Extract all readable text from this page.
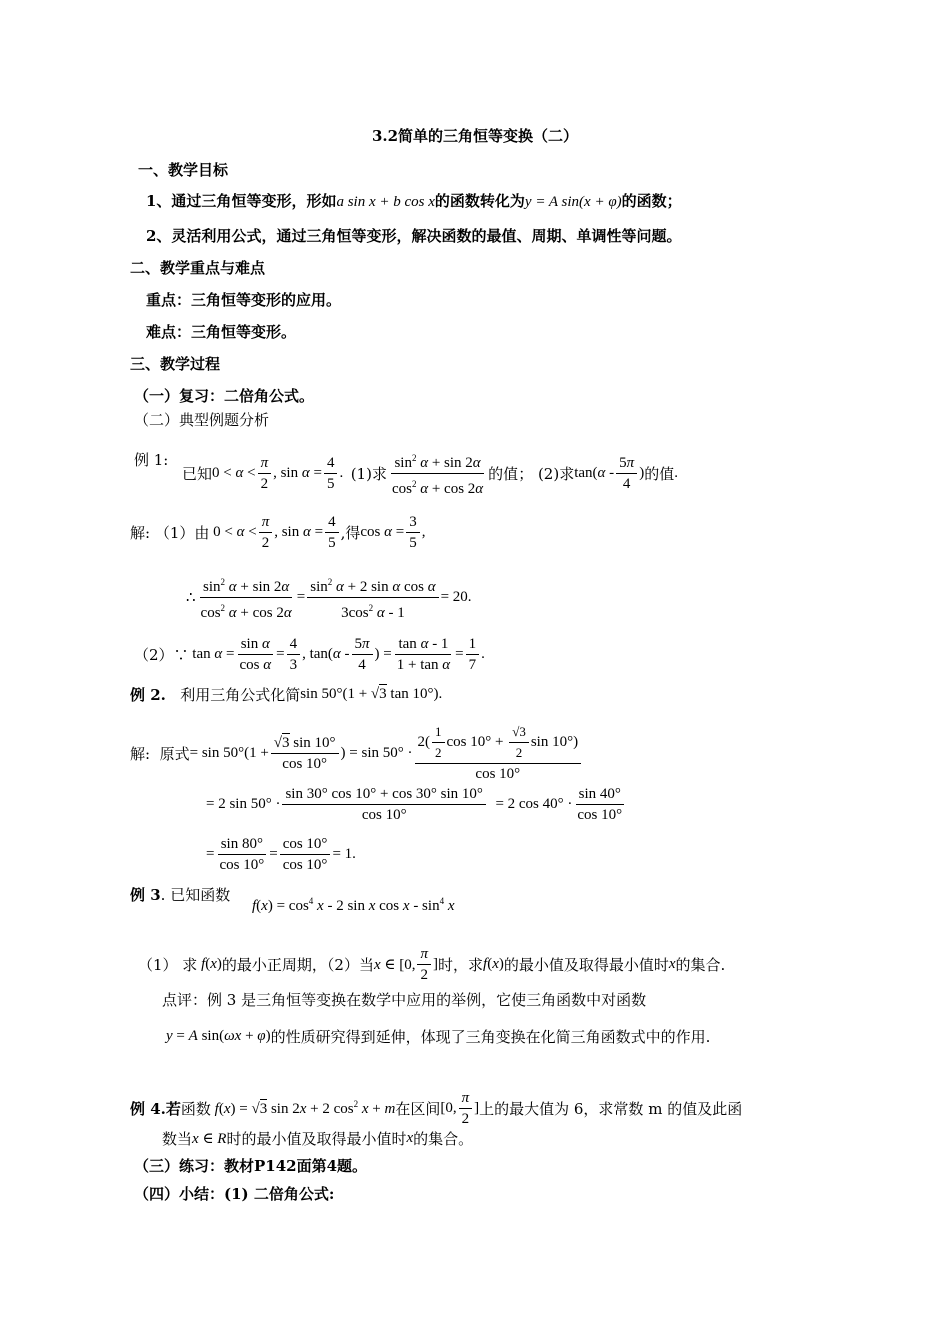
3.2简单的三角恒等变换（二）
一、教学目标
1、通过三角恒等变形，形如a sin x + b cos x的函数转化为y = A sin(x + φ)的函数；
2、灵活利用公式，通过三角恒等变形，解决函数的最值、周期、单调性等问题。
二、教学重点与难点
重点：三角恒等变形的应用。
难点：三角恒等变形。
三、教学过程
（一）复习：二倍角公式。
（二）典型例题分析
例 1:
已知 0 < α <
π
2
, $\sin \alpha = \frac{4}{5}$ . (1)求
$\sin^2 \alpha + \sin 2\alpha$
$\cos^2 \alpha + \cos 2\alpha$
的值 ； (2)求 tan(α -
5π
4
) 的值 .
解: （1）由 0 < α <
π
2
, $\sin \alpha = \frac{4}{5}$ ,得 $\cos \alpha = \frac{3}{5}$ ,
∴ $\frac{\sin^2 \alpha + \sin 2\alpha}{\cos^2 \alpha + \cos 2\alpha} = \frac{\sin^2 \alpha + 2 \sin \alpha \cos \alpha}{3\cos^2 \alpha - 1} = 20$.
（2）∵ $\tan \alpha = \frac{\text{sin α}}{\text{cos α}} = \frac{4}{3}$ , tan(α -
5π
4
) = $\frac{\text{tan α - 1}}{\text{1 + tan α}} = \frac{1}{7}$ .
例 2.
利用三角公式化简 sin 50°(1 + √3 tan 10°).
解:
原式 = $\sin 50^\circ(1 + \frac{√3 \sin 10^\circ}{\cos 10^\circ}$ ) = sin 50° ·
$2( \frac{1}{2}$ $\cos 10^\circ + \frac{√3}{2}$ sin 10°)
cos 10°
= 2 $\sin 50^\circ \cdot \frac{\sin 30^\circ \cos 10^\circ + \cos 30^\circ \sin 10^\circ}{\cos 10^\circ} = 2$ cos 40° ·
sin 40°
cos 10°
= $\frac{\sin 80^\circ}{\cos 10^\circ} = \frac{\cos 10^\circ}{\cos 10^\circ} = 1$.
例 3 . 已知函数
$f(x) = \cos^4 x - 2$ sin x cos x - $\sin^4 x$
（1） 求 f ( x ) 的最小正周期，（2）当 x ∈ [0,
π
2
] 时，求 f(x) 的最小值及取得最小值时 x 的集合.
点评：例 3 是三角恒等变换在数学中应用的举例，它使三角函数中对函数
y = A sin(ωx + φ) 的性质研究得到延伸，体现了三角变换在化简三角函数式中的作用.
例 4. 若 函数 f(x) = √3 sin 2x + 2 $\cos^2 x + m$ 在区间 [0,
π
2
] 上的最大值为 6，求常数 m 的值及此函
数当 x ∈ R 时的最小值及取得最小值时 x 的集合。
（三）练习：教材P142面第4题。
（四）小结：(1) 二倍角公式:
